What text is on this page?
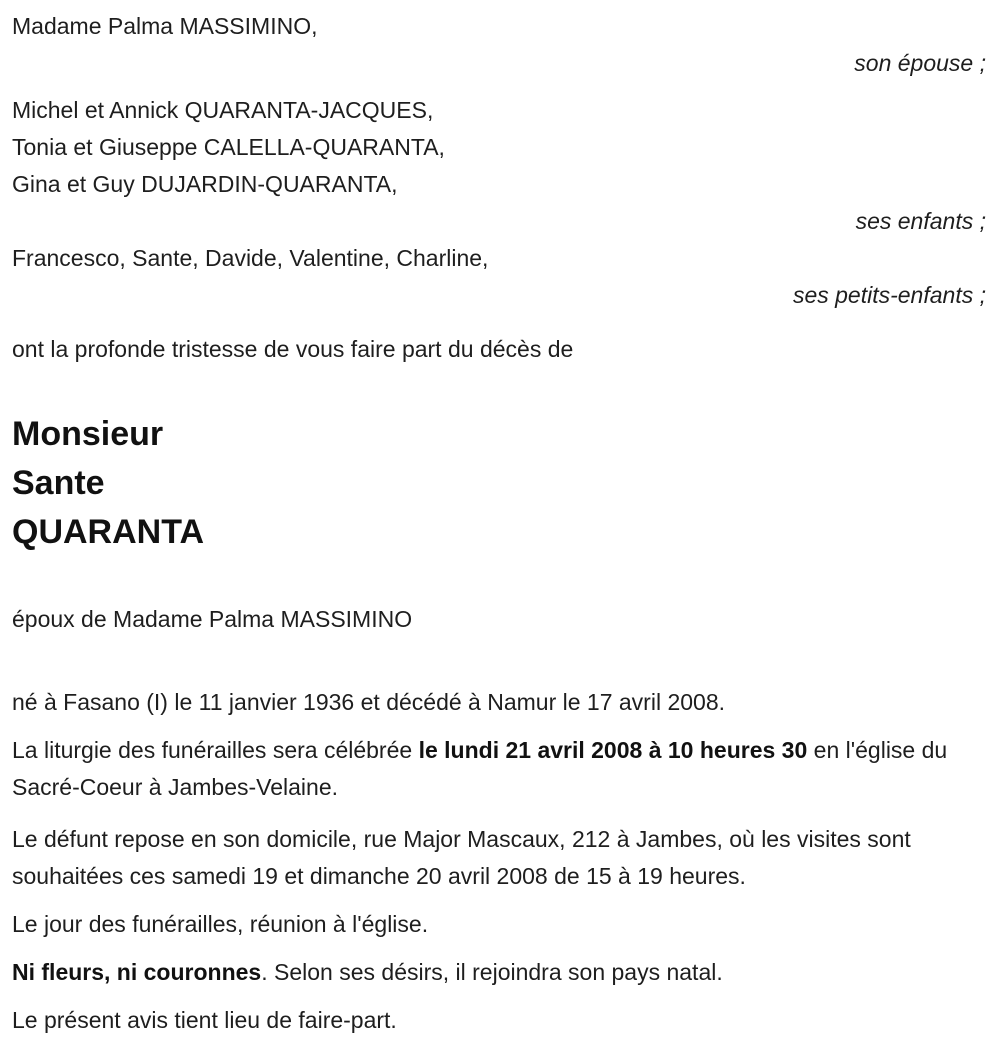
Madame Palma MASSIMINO,

son épouse ;

Michel et Annick QUARANTA-JACQUES,

Tonia et Giuseppe CALELLA-QUARANTA,

Gina et Guy DUJARDIN-QUARANTA,

ses enfants ;

Francesco, Sante, Davide, Valentine, Charline,

ses petits-enfants ;

ont la profonde tristesse de vous faire part du décès de

Monsieur

Sante

QUARANTA

époux de Madame Palma MASSIMINO

né à Fasano (I) le 11 janvier 1936 et décédé à Namur le 17 avril 2008.

La liturgie des funérailles sera célébrée le lundi 21 avril 2008 à 10 heures 30 en l'église du Sacré-Coeur à Jambes-Velaine.

Le défunt repose en son domicile, rue Major Mascaux, 212 à Jambes, où les visites sont souhaitées ces samedi 19 et dimanche 20 avril 2008 de 15 à 19 heures.

Le jour des funérailles, réunion à l'église.

Ni fleurs, ni couronnes. Selon ses désirs, il rejoindra son pays natal.

Le présent avis tient lieu de faire-part.
